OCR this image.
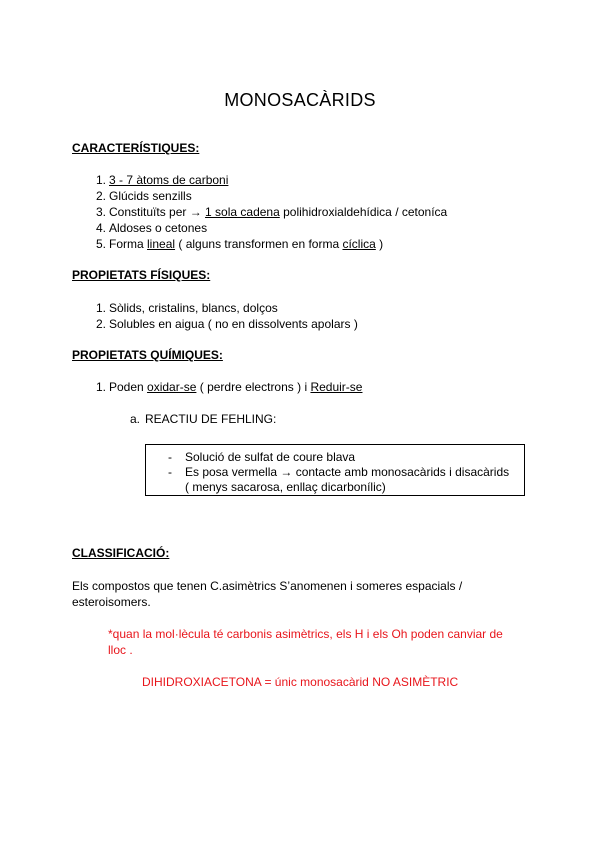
MONOSACÀRIDS
CARACTERÍSTIQUES:
1. 3 - 7 àtoms de carboni
2. Glúcids senzills
3. Constituïts per → 1 sola cadena polihidroxialdehídica / cetoníca
4. Aldoses o cetones
5. Forma lineal ( alguns transformen en forma cíclica )
PROPIETATS FÍSIQUES:
1. Sòlids, cristalins, blancs, dolços
2. Solubles en aigua ( no en dissolvents apolars )
PROPIETATS QUÍMIQUES:
1. Poden oxidar-se ( perdre electrons ) i Reduir-se
a. REACTIU DE FEHLING:
- Solució de sulfat de coure blava
- Es posa vermella → contacte amb monosacàrids i disacàrids
( menys sacarosa, enllaç dicarbonílic)
CLASSIFICACIÓ:
Els compostos que tenen C.asimètrics S’anomenen i someres espacials /
esteroisomers.
*quan la mol·lècula té carbonis asimètrics, els H i els Oh poden canviar de
lloc .
DIHIDROXIACETONA = únic monosacàrid NO ASIMÈTRIC
